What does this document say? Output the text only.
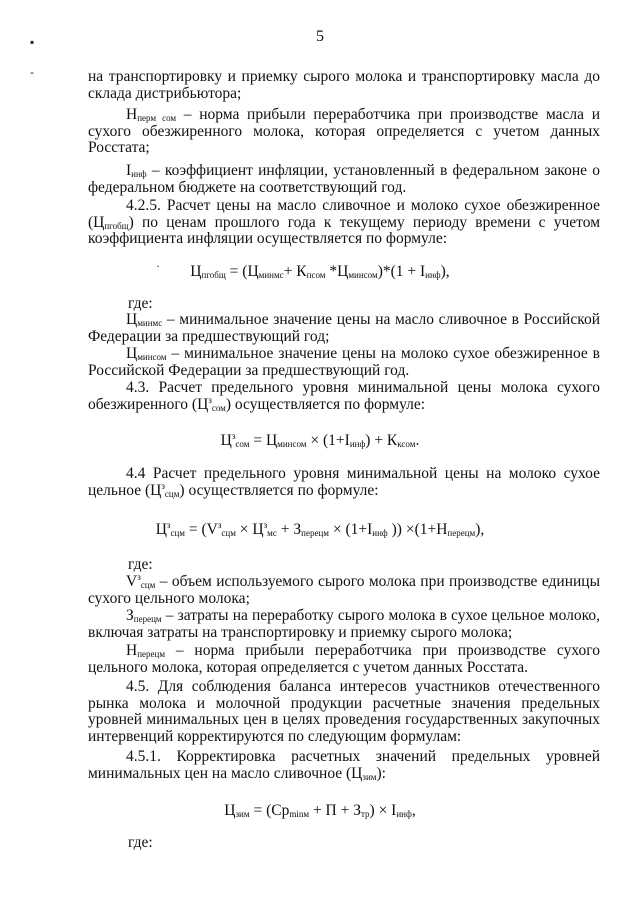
▪
-
5

на транспортировку и приемку сырого молока и транспортировку масла до склада дистрибьютора;

$Н_{перм сом}$ – норма прибыли переработчика при производстве масла и сухого обезжиренного молока, которая определяется с учетом данных Росстата;

$I_{инф}$ – коэффициент инфляции, установленный в федеральном законе о федеральном бюджете на соответствующий год.

4.2.5. Расчет цены на масло сливочное и молоко сухое обезжиренное $(Ц_{пгобщ})$ по ценам прошлого года к текущему периоду времени с учетом коэффициента инфляции осуществляется по формуле:

$Ц_{пгобщ} = (Ц_{минмс}+ К_{псом}$ $*Ц_{минсом})*(1 + I_{инф})$,
·
где:

$Ц_{минмс}$ – минимальное значение цены на масло сливочное в Российской Федерации за предшествующий год;

$Ц_{минсом}$ – минимальное значение цены на молоко сухое обезжиренное в Российской Федерации за предшествующий год.

4.3. Расчет предельного уровня минимальной цены молока сухого обезжиренного $(Ц^з_{сом})$ осуществляется по формуле:

$Ц^з_{сом} = Ц_{минсом} \times (1+I_{инф}) + К_{ксом}$.

4.4 Расчет предельного уровня минимальной цены на молоко сухое цельное $(Ц^з_{сцм})$ осуществляется по формуле:

$Ц^з_{сцм} = (V^з_{сцм} \times Ц^з_{мс} + З_{перецм} \times (1+I_{инф}$ )) $\times(1+Н_{перецм})$,
где:

$V^з_{сцм}$ – объем используемого сырого молока при производстве единицы сухого цельного молока;

$З_{перецм}$ – затраты на переработку сырого молока в сухое цельное молоко, включая затраты на транспортировку и приемку сырого молока;

$Н_{перецм}$ – норма прибыли переработчика при производстве сухого цельного молока, которая определяется с учетом данных Росстата.

4.5. Для соблюдения баланса интересов участников отечественного рынка молока и молочной продукции расчетные значения предельных уровней минимальных цен в целях проведения государственных закупочных интервенций корректируются по следующим формулам:

4.5.1. Корректировка расчетных значений предельных уровней минимальных цен на масло сливочное $(Ц_{зим})$:

$Ц_{зим} = (Ср_{minм} + П + З_{тр}) \times I_{инф}$,
где:
